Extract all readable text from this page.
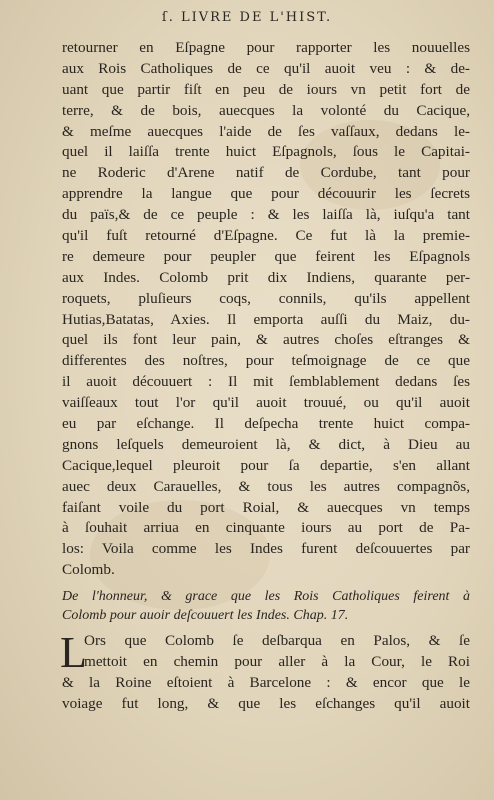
ſ. LIVRE DE L'HIST.
retourner en Eſpagne pour rapporter les nouuelles
aux Rois Catholiques de ce qu'il auoit veu : & de-
uant que partir fiſt en peu de iours vn petit fort de
terre, & de bois, auecques la volonté du Cacique,
& meſme auecques l'aide de ſes vaſſaux, dedans le-
quel il laiſſa trente huict Eſpagnols, ſous le Capitai-
ne Roderic d'Arene natif de Cordube, tant pour
apprendre la langue que pour découurir les ſecrets
du païs,& de ce peuple : & les laiſſa là, iuſqu'a tant
qu'il fuſt retourné d'Eſpagne. Ce fut là la premie-
re demeure pour peupler que feirent les Eſpagnols
aux Indes. Colomb prit dix Indiens, quarante per-
roquets, pluſieurs coqs, connils, qu'ils appellent
Hutias,Batatas, Axies. Il emporta auſſi du Maiz, du-
quel ils font leur pain, & autres choſes eſtranges &
differentes des noſtres, pour teſmoignage de ce que
il auoit découuert : Il mit ſemblablement dedans ſes
vaiſſeaux tout l'or qu'il auoit trouué, ou qu'il auoit
eu par eſchange. Il deſpecha trente huict compa-
gnons leſquels demeuroient là, & dict, à Dieu au
Cacique,lequel pleuroit pour ſa departie, s'en allant
auec deux Carauelles, & tous les autres compagnõs,
faiſant voile du port Roial, & auecques vn temps
à ſouhait arriua en cinquante iours au port de Pa-
los: Voila comme les Indes furent deſcouuertes par
Colomb.
De l'honneur, & grace que les Rois Catholiques feirent à
Colomb pour auoir deſcouuert les Indes. Chap. 17.
L
Ors que Colomb ſe deſbarqua en Palos, & ſe
mettoit en chemin pour aller à la Cour, le Roi
& la Roine eſtoient à Barcelone : & encor que le
voiage fut long, & que les eſchanges qu'il auoit
